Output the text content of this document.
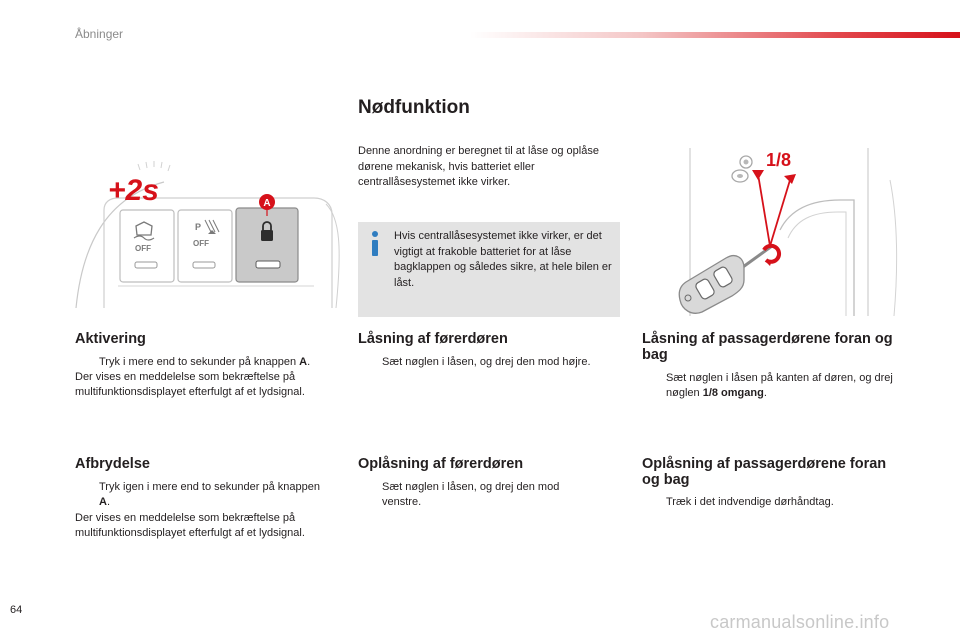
Åbninger
OFF
P
OFF
A
+2s
1/8
Nødfunktion
Denne anordning er beregnet til at låse og oplåse dørene mekanisk, hvis batteriet eller centrallåsesystemet ikke virker.
Hvis centrallåsesystemet ikke virker, er det vigtigt at frakoble batteriet for at låse bagklappen og således sikre, at hele bilen er låst.
Aktivering
Tryk i mere end to sekunder på knappen A.
Der vises en meddelelse som bekræftelse på multifunktionsdisplayet efterfulgt af et lydsignal.
Afbrydelse
Tryk igen i mere end to sekunder på knappen A.
Der vises en meddelelse som bekræftelse på multifunktionsdisplayet efterfulgt af et lydsignal.
Låsning af førerdøren
Sæt nøglen i låsen, og drej den mod højre.
Oplåsning af førerdøren
Sæt nøglen i låsen, og drej den mod venstre.
Låsning af passagerdørene foran og bag
Sæt nøglen i låsen på kanten af døren, og drej nøglen 1/8 omgang.
Oplåsning af passagerdørene foran og bag
Træk i det indvendige dørhåndtag.
64
carmanualsonline.info
